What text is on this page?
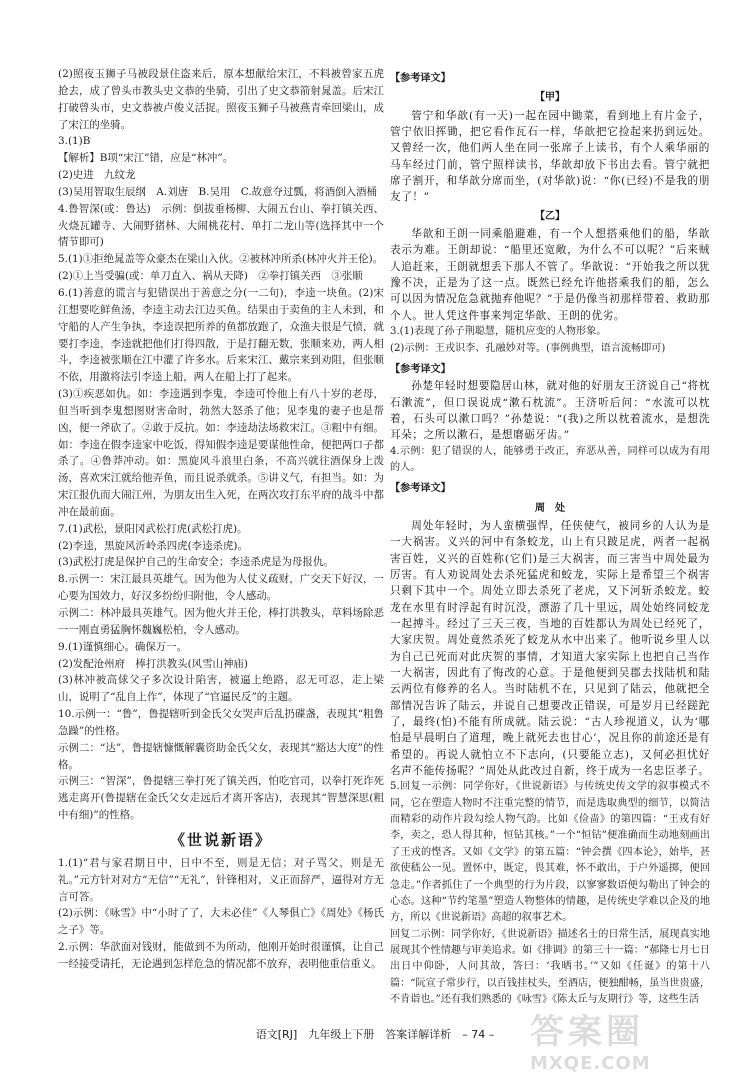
(2)照夜玉狮子马被段景住盗来后，原本想献给宋江，不料被曾家五虎抢去，成了曾头市教头史文恭的坐骑，引出了史文恭箭射晁盖。后宋江打破曾头市，史文恭被卢俊义活捉。照夜玉狮子马被燕青牵回梁山，成了宋江的坐骑。
3.(1)B
【解析】B项“宋江”错，应是“林冲”。
(2)史进　九纹龙
(3)吴用智取生辰纲　A.刘唐　B.吴用　C.故意夺过瓢，将酒倒入酒桶
4.鲁智深(或：鲁达)　示例：倒拔垂杨柳、大闹五台山、拳打镇关西、火烧瓦罐寺、大闹野猪林、大闹桃花村、单打二龙山等(选择其中一个情节即可)
5.(1)①拒绝晁盖等众豪杰在梁山入伙。②被林冲所杀(林冲火并王伦)。
(2)①上当受骗(或：单刀直入、祸从天降)　②拳打镇关西　③张顺
6.(1)善意的谎言与犯错误出于善意之分(一二句)，李逵一块鱼。(2)宋江想要吃鲜鱼汤，李逵主动去江边买鱼。结果由于卖鱼的主人未到，和守船的人产生争执，李逵误把所养的鱼都放跑了，众渔夫很是气愤，就要打李逵，李逵就把他们打得四散，于是打翻无数，张顺来劝，两人相斗，李逵被张顺在江中灌了许多水。后来宋江、戴宗来到劝阻，但张顺不依，用激将法引李逵上船，两人在船上打了起来。
(3)①疾恶如仇。如：李逵遇到李鬼，李逵可怜他上有八十岁的老母，但当听到李鬼想图财害命时，勃然大怒杀了他；见李鬼的妻子也是帮凶，便一斧砍了。②敢于反抗。如：李逵劫法场救宋江。③粗中有细。如：李逵在假李逵家中吃饭，得知假李逵是要谋他性命，便把两口子都杀了。④鲁莽冲动。如：黑旋风斗浪里白条，不高兴就往酒保身上泼汤，喜欢宋江就给他弄鱼，而且说杀就杀。⑤讲义气，有担当。如：为宋江报仇而大闹江州，为朋友出生入死，在两次攻打东平府的战斗中都冲在最前面。
7.(1)武松，景阳冈武松打虎(武松打虎)。
(2)李逵，黑旋风沂岭杀四虎(李逵杀虎)。
(3)武松打虎是保护自己的生命安全；李逵杀虎是为母报仇。
8.示例一：宋江最具英雄气。因为他为人仗义疏财，广交天下好汉，一心要为国效力，好汉多纷纷归附他，令人感动。
示例二：林冲最具英雄气。因为他火并王伦，棒打洪教头，草料场除恶一一刚直勇猛胸怀魏巍松柏，令人感动。
9.(1)谨慎细心。确保万一。
(2)发配沧州府　棒打洪教头(风雪山神庙)
(3)林冲被高俅父子多次设计陷害，被逼上绝路，忍无可忍，走上梁山，说明了“乱自上作”，体现了“官逼民反”的主题。
10.示例一：“鲁”，鲁提辖听到金氏父女哭声后乱扔碟盏，表现其“粗鲁急躁”的性格。
示例二：“达”，鲁提辖慷慨解囊资助金氏父女，表现其“豁达大度”的性格。
示例三：“智深”，鲁提辖三拳打死了镇关西，怕吃官司，以拳打死诈死逃走离开(鲁提辖在金氏父女走远后才离开客店)，表现其“智慧深思(粗中有细)”的性格。
《世说新语》
1.(1)“君与家君期日中，日中不至，则是无信；对子骂父，则是无礼。”元方针对对方“无信”“无礼”，针锋相对，义正而辞严，逼得对方无言可答。
(2)示例：《咏雪》中“小时了了，大未必佳”《人琴俱亡》《周处》《杨氏之子》等。
2.示例：华歆面对钱财，能做到不为所动，他刚开始时很谨慎，让自己一经接受请托，无论遇到怎样危急的情况都不放弃，表明他重信重义。
【参考译文】
【甲】
管宁和华歆(有一天)一起在园中锄菜，看到地上有片金子，管宁依旧挥锄，把它看作瓦石一样，华歆把它捡起来扔到远处。又曾经一次，他们两人坐在同一张席子上读书，有个人乘华丽的马车经过门前，管宁照样读书，华歆却放下书出去看。管宁就把席子割开，和华歆分席而坐，(对华歆)说：“你(已经)不是我的朋友了！”
【乙】
华歆和王朗一同乘船避难，有一个人想搭乘他们的船，华歆表示为难。王朗却说：“船里还宽敞，为什么不可以呢？”后来贼人追赶来，王朗就想丢下那人不管了。华歆说：“开始我之所以犹豫不决，正是为了这一点。既然已经允许他搭乘我们的船，怎么可以因为情况危急就抛弃他呢？”于是仍像当初那样带着、救助那个人。世人凭这件事来判定华歆、王朗的优劣。
3.(1)表现了孙子荆聪慧，随机应变的人物形象。
(2)示例：王戎识李、孔融妙对等。(事例典型，语言流畅即可)
【参考译文】
孙楚年轻时想要隐居山林，就对他的好朋友王济说自己“将枕石漱流”，但口误说成“漱石枕流”。王济听后问：“水流可以枕着，石头可以漱口吗？”孙楚说：“(我)之所以枕着流水，是想洗耳朵；之所以漱石，是想磨砺牙齿。”
4.示例：犯了错误的人，能够勇于改正，弃恶从善，同样可以成为有用的人。
【参考译文】
周　处
周处年轻时，为人蛮横强悍，任侠使气，被同乡的人认为是一大祸害。义兴的河中有条蛟龙，山上有只跛足虎，两者一起祸害百姓，义兴的百姓称(它们)是三大祸害，而三害当中周处最为厉害。有人劝说周处去杀死猛虎和蛟龙，实际上是希望三个祸害只剩下其中一个。周处立即去杀死了老虎，又下河斩杀蛟龙。蛟龙在水里有时浮起有时沉没，漂游了几十里远，周处始终同蛟龙一起搏斗。经过了三天三夜，当地的百姓都认为周处已经死了，大家庆贺。周处竟然杀死了蛟龙从水中出来了。他听说乡里人以为自己已死而对此庆贺的事情，才知道大家实际上也把自己当作一大祸害，因此有了悔改的心意。于是他便到吴郡去找陆机和陆云两位有修养的名人。当时陆机不在，只见到了陆云，他就把全部情况告诉了陆云，并说自己想要改正错误，可是岁月已经蹉跎了，最终(怕)不能有所成就。陆云说：“古人珍视道义，认为‘哪怕是早晨明白了道理，晚上就死去也甘心’，况且你的前途还是有希望的。再说人就怕立不下志向，(只要能立志)，又何必担忧好名声不能传扬呢？”周处从此改过自新，终于成为一名忠臣孝子。
5.回复一示例：同学你好，《世说新语》与传统史传文学的叙事模式不同，它在塑造人物时不注重完整的情节，而是选取典型的细节，以简洁而精彩的动作片段勾绘人物气韵。比如《俭啬》的第四篇：“王戎有好李，卖之，恐人得其种，恒钻其核。”一个“恒钻”便准确而生动地刻画出了王戎的悭吝。又如《文学》的第五篇：“钟会撰《四本论》，始毕，甚欲使嵇公一见。置怀中，既定，畏其难，怀不敢出，于户外遥掷，便回急走。”作者抓住了一个典型的行为片段，以寥寥数语便勾勒出了钟会的心态。这种“节约笔墨”塑造人物整体的情趣，是传统史学难以企及的地方，所以《世说新语》高超的叙事艺术。
回复二示例：同学你好，《世说新语》描述名士的日常生活，展现真实地展现其个性情趣与审美追求。如《排调》的第三十一篇：“郝隆七月七日出日中仰卧，人问其故，答曰：‘我晒书。’”又如《任诞》的第十八篇：“阮宣子常步行，以百钱挂杖头，至酒店，便独酣畅，虽当世贵盛，不肯诣也。”还有我们熟悉的《咏雪》《陈太丘与友期行》等，这些生活
语文[RJ]　九年级上下册　答案详解详析　– 74 –	答案圈
MXQE.COM
